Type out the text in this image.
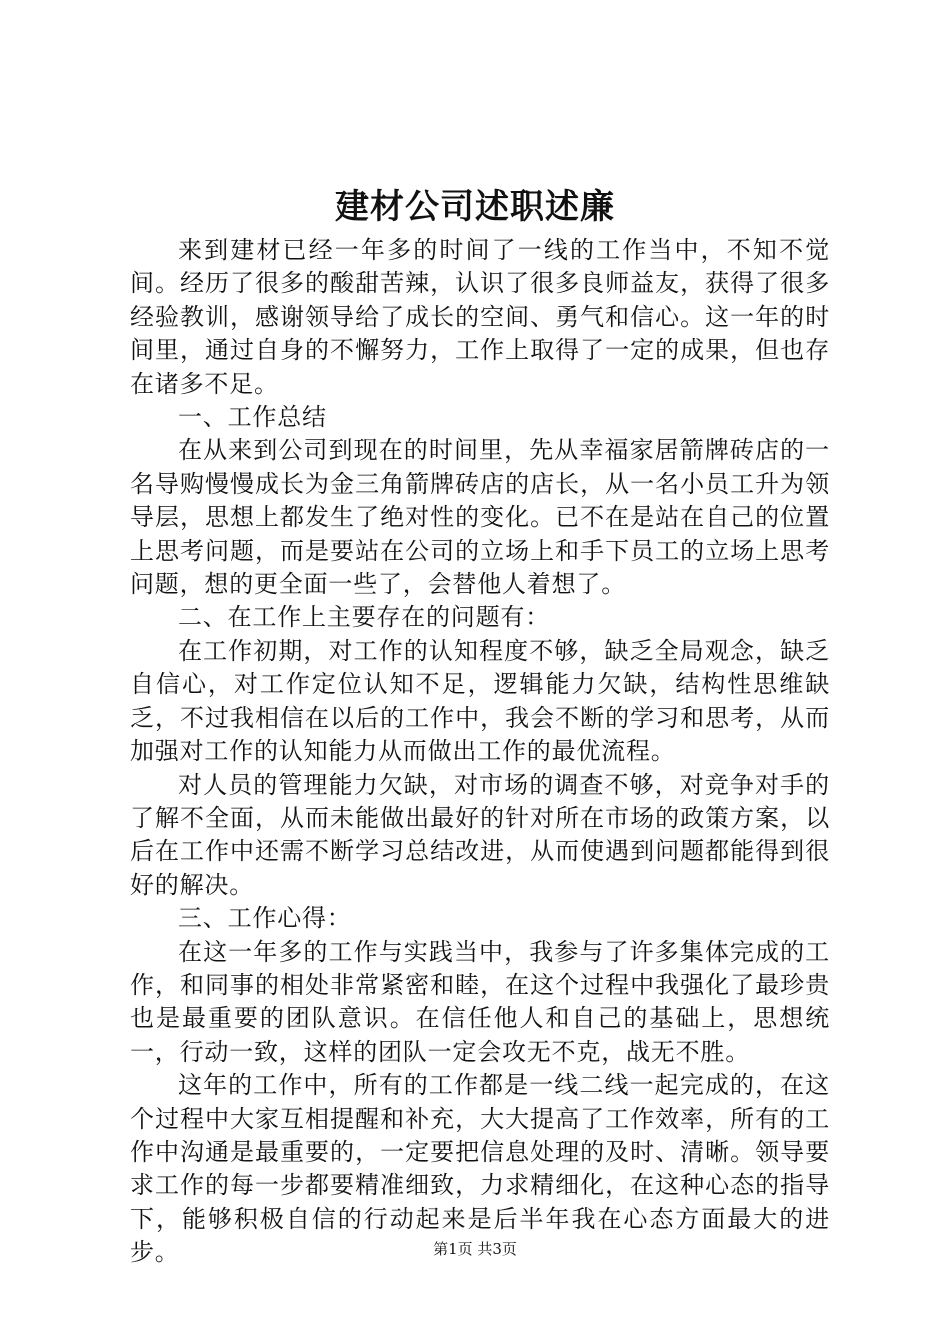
建材公司述职述廉

来到建材已经一年多的时间了一线的工作当中，不知不觉间。经历了很多的酸甜苦辣，认识了很多良师益友，获得了很多经验教训，感谢领导给了成长的空间、勇气和信心。这一年的时间里，通过自身的不懈努力，工作上取得了一定的成果，但也存在诸多不足。

一、工作总结

在从来到公司到现在的时间里，先从幸福家居箭牌砖店的一名导购慢慢成长为金三角箭牌砖店的店长，从一名小员工升为领导层，思想上都发生了绝对性的变化。已不在是站在自己的位置上思考问题，而是要站在公司的立场上和手下员工的立场上思考问题，想的更全面一些了，会替他人着想了。

二、在工作上主要存在的问题有：

在工作初期，对工作的认知程度不够，缺乏全局观念，缺乏自信心，对工作定位认知不足，逻辑能力欠缺，结构性思维缺乏，不过我相信在以后的工作中，我会不断的学习和思考，从而加强对工作的认知能力从而做出工作的最优流程。

对人员的管理能力欠缺，对市场的调查不够，对竞争对手的了解不全面，从而未能做出最好的针对所在市场的政策方案，以后在工作中还需不断学习总结改进，从而使遇到问题都能得到很好的解决。

三、工作心得：

在这一年多的工作与实践当中，我参与了许多集体完成的工作，和同事的相处非常紧密和睦，在这个过程中我强化了最珍贵也是最重要的团队意识。在信任他人和自己的基础上，思想统一，行动一致，这样的团队一定会攻无不克，战无不胜。

这年的工作中，所有的工作都是一线二线一起完成的，在这个过程中大家互相提醒和补充，大大提高了工作效率，所有的工作中沟通是最重要的，一定要把信息处理的及时、清晰。领导要求工作的每一步都要精准细致，力求精细化，在这种心态的指导下，能够积极自信的行动起来是后半年我在心态方面最大的进步。	第1页 共3页
